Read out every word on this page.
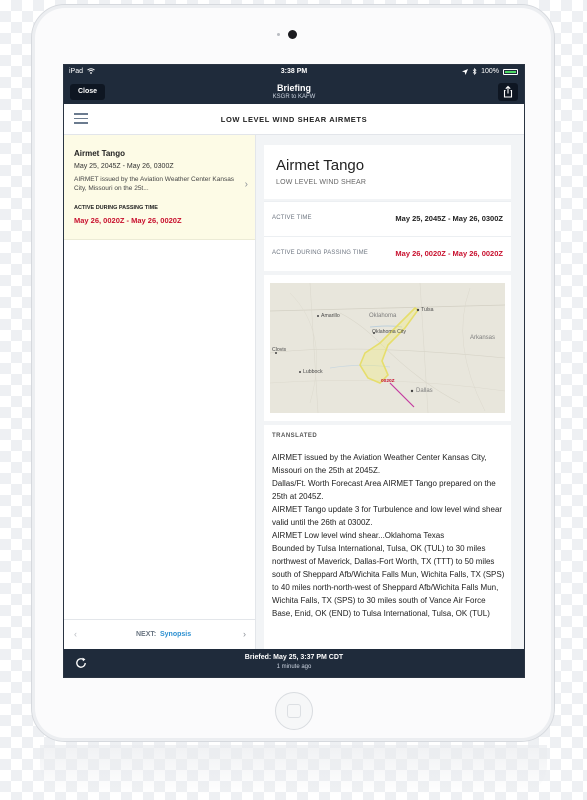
iPad	3:38 PM	100%
Close	Briefing
KSGR to KAFW
LOW LEVEL WIND SHEAR AIRMETS
Airmet Tango
May 25, 2045Z - May 26, 0300Z
AIRMET issued by the Aviation Weather Center Kansas City, Missouri on the 25t...
ACTIVE DURING PASSING TIME
May 26, 0020Z - May 26, 0020Z
›
‹	NEXT: Synopsis	›
Airmet Tango
LOW LEVEL WIND SHEAR
ACTIVE TIME	May 25, 2045Z - May 26, 0300Z
ACTIVE DURING PASSING TIME	May 26, 0020Z - May 26, 0020Z
Oklahoma
Arkansas
Tulsa
Amarillo
Oklahoma City
Clovis
Lubbock
Dallas
0020Z
TRANSLATED

AIRMET issued by the Aviation Weather Center Kansas City, Missouri on the 25th at 2045Z.

Dallas/Ft. Worth Forecast Area AIRMET Tango prepared on the 25th at 2045Z.

AIRMET Tango update 3 for Turbulence and low level wind shear valid until the 26th at 0300Z.

AIRMET Low level wind shear...Oklahoma Texas

Bounded by Tulsa International, Tulsa, OK (TUL) to 30 miles northwest of Maverick, Dallas-Fort Worth, TX (TTT) to 50 miles south of Sheppard Afb/Wichita Falls Mun, Wichita Falls, TX (SPS) to 40 miles north-north-west of Sheppard Afb/Wichita Falls Mun, Wichita Falls, TX (SPS) to 30 miles south of Vance Air Force Base, Enid, OK (END) to Tulsa International, Tulsa, OK (TUL)

Briefed: May 25, 3:37 PM CDT
1 minute ago
